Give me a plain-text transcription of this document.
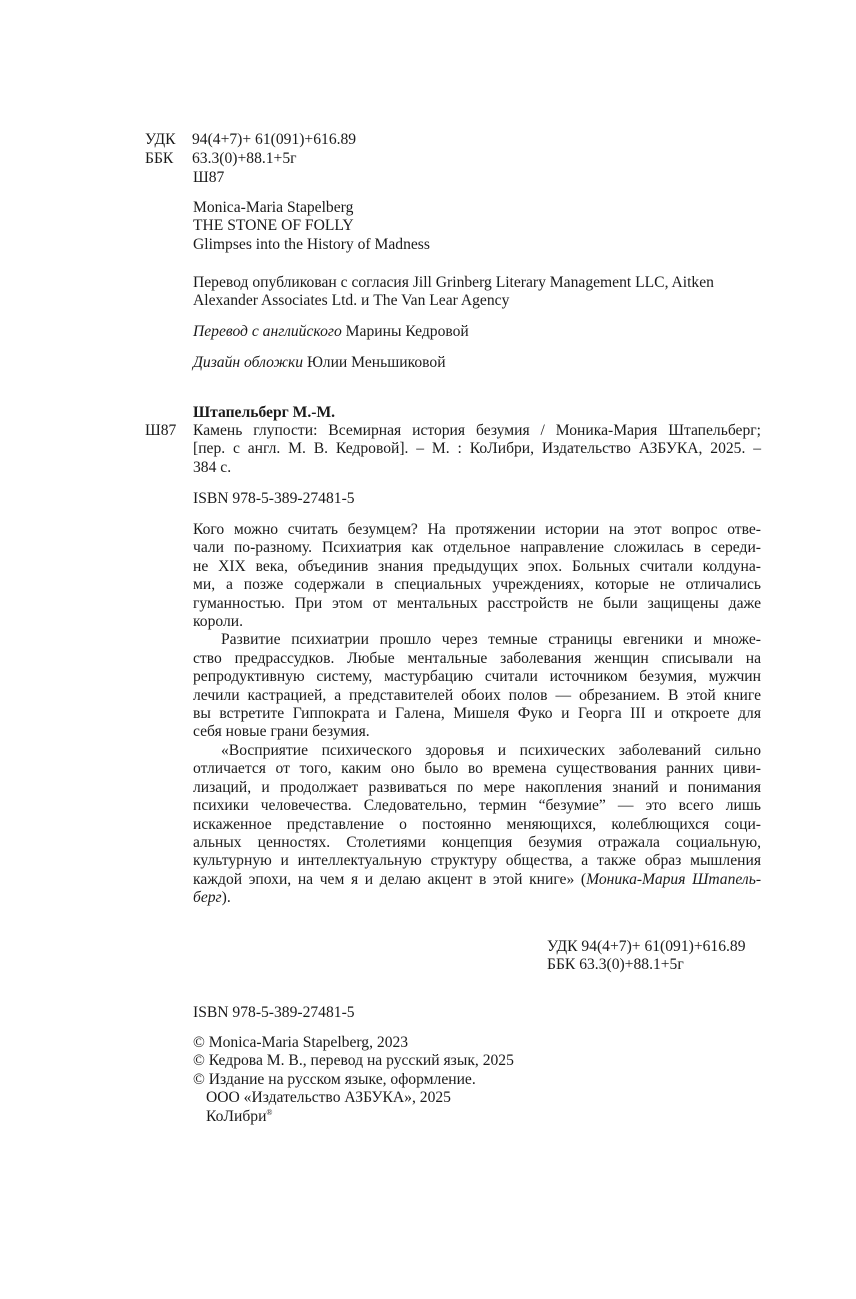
УДК 94(4+7)+ 61(091)+616.89
ББК 63.3(0)+88.1+5г
Ш87
Monica-Maria Stapelberg
THE STONE OF FOLLY
Glimpses into the History of Madness
Перевод опубликован с согласия Jill Grinberg Literary Management LLC, Aitken
Alexander Associates Ltd. и The Van Lear Agency
Перевод с английского Марины Кедровой
Дизайн обложки Юлии Меньшиковой
Штапельберг М.-М.
Ш87 Камень глупости: Всемирная история безумия / Моника-Мария Штапельберг;
[пер. с англ. М. В. Кедровой]. – М. : КоЛибри, Издательство АЗБУКА, 2025. –
384 с.
ISBN 978-5-389-27481-5
Кого можно считать безумцем? На протяжении истории на этот вопрос отве-
чали по-разному. Психиатрия как отдельное направление сложилась в середи-
не XIX века, объединив знания предыдущих эпох. Больных считали колдуна-
ми, а позже содержали в специальных учреждениях, которые не отличались
гуманностью. При этом от ментальных расстройств не были защищены даже
короли.
Развитие психиатрии прошло через темные страницы евгеники и множе-
ство предрассудков. Любые ментальные заболевания женщин списывали на
репродуктивную систему, мастурбацию считали источником безумия, мужчин
лечили кастрацией, а представителей обоих полов — обрезанием. В этой книге
вы встретите Гиппократа и Галена, Мишеля Фуко и Георга III и откроете для
себя новые грани безумия.
«Восприятие психического здоровья и психических заболеваний сильно
отличается от того, каким оно было во времена существования ранних циви-
лизаций, и продолжает развиваться по мере накопления знаний и понимания
психики человечества. Следовательно, термин “безумие” — это всего лишь
искаженное представление о постоянно меняющихся, колеблющихся соци-
альных ценностях. Столетиями концепция безумия отражала социальную,
культурную и интеллектуальную структуру общества, а также образ мышления
каждой эпохи, на чем я и делаю акцент в этой книге» (Моника-Мария Штапель-
берг).
УДК 94(4+7)+ 61(091)+616.89
ББК 63.3(0)+88.1+5г
ISBN 978-5-389-27481-5
© Monica-Maria Stapelberg, 2023
© Кедрова М. В., перевод на русский язык, 2025
© Издание на русском языке, оформление.
ООО «Издательство АЗБУКА», 2025
КоЛибри®
